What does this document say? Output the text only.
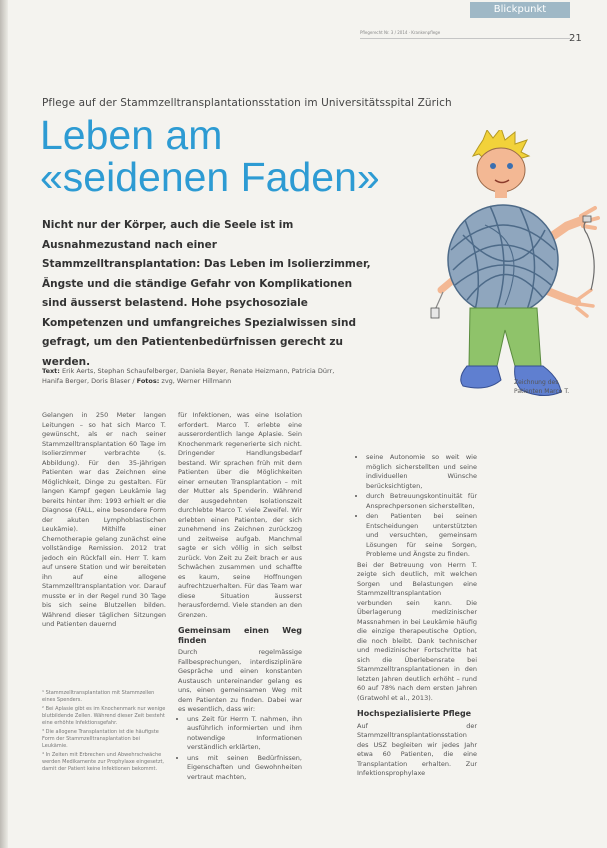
Blickpunkt
Pflegerecht Nr. 3 / 2014 · Krankenpflege
21
Pflege auf der Stammzelltransplantationsstation im Universitätsspital Zürich
Leben am
«seidenen Faden»
Nicht nur der Körper, auch die Seele ist im Ausnahmezustand nach einer Stammzelltransplantation: Das Leben im Isolierzimmer, Ängste und die ständige Gefahr von Komplikationen sind äusserst belastend. Hohe psychosoziale Kompetenzen und umfangreiches Spezialwissen sind gefragt, um den Patientenbedürfnissen gerecht zu werden.
Text: Erik Aerts, Stephan Schaufelberger, Daniela Beyer, Renate Heizmann, Patricia Dürr, Hanifa Berger, Doris Blaser / Fotos: zvg, Werner Hillmann	Zeichnung des Patienten Marco T.

Gelangen in 250 Meter langen Leitungen – so hat sich Marco T. gewünscht, als er nach seiner Stammzelltransplantation 60 Tage im Isolierzimmer verbrachte (s. Abbildung). Für den 35-jährigen Patienten war das Zeichnen eine Möglichkeit, Dinge zu gestalten. Für langen Kampf gegen Leukämie lag bereits hinter ihm: 1993 erhielt er die Diagnose (FALL, eine besondere Form der akuten Lymphoblastischen Leukämie). Mithilfe einer Chemotherapie gelang zunächst eine vollständige Remission. 2012 trat jedoch ein Rückfall ein. Herr T. kam auf unsere Station und wir bereiteten ihn auf eine allogene Stammzelltransplantation vor. Darauf musste er in der Regel rund 30 Tage bis sich seine Blutzellen bilden. Während dieser täglichen Sitzungen und Patienten dauernd

für Infektionen, was eine Isolation erfordert. Marco T. erlebte eine ausserordentlich lange Aplasie. Sein Knochenmark regenerierte sich nicht. Dringender Handlungsbedarf bestand. Wir sprachen früh mit dem Patienten über die Möglichkeiten einer erneuten Transplantation – mit der Mutter als Spenderin. Während der ausgedehnten Isolationszeit durchlebte Marco T. viele Zweifel. Wir erlebten einen Patienten, der sich zunehmend ins Zeichnen zurückzog und zeitweise aufgab. Manchmal sagte er sich völlig in sich selbst zurück. Von Zeit zu Zeit brach er aus Schwächen zusammen und schaffte es kaum, seine Hoffnungen aufrechtzuerhalten. Für das Team war diese Situation äusserst herausfordernd. Viele standen an den Grenzen.

Gemeinsam einen Weg finden

Durch regelmässige Fallbesprechungen, interdisziplinäre Gespräche und einen konstanten Austausch untereinander gelang es uns, einen gemeinsamen Weg mit dem Patienten zu finden. Dabei war es wesentlich, dass wir:

• uns Zeit für Herrn T. nahmen, ihn ausführlich informierten und ihm notwendige Informationen verständlich erklärten,
• uns mit seinen Bedürfnissen, Eigenschaften und Gewohnheiten vertraut machten,
• seine Autonomie so weit wie möglich sicherstellten und seine individuellen Wünsche berücksichtigten,
• durch Betreuungskontinuität für Ansprechpersonen sicherstellten,
• den Patienten bei seinen Entscheidungen unterstützten und versuchten, gemeinsam Lösungen für seine Sorgen, Probleme und Ängste zu finden.

Bei der Betreuung von Herrn T. zeigte sich deutlich, mit welchen Sorgen und Belastungen eine Stammzelltransplantation verbunden sein kann. Die Überlagerung medizinischer Massnahmen in bei Leukämie häufig die einzige therapeutische Option, die noch bleibt. Dank technischer und medizinischer Fortschritte hat sich die Überlebensrate bei Stammzelltransplantationen in den letzten Jahren deutlich erhöht – rund 60 auf 78% nach dem ersten Jahren (Gratwohl et al., 2013).

Hochspezialisierte Pflege

Auf der Stammzelltransplantationsstation des USZ begleiten wir jedes Jahr etwa 60 Patienten, die eine Transplantation erhalten. Zur Infektionsprophylaxe

¹ Stammzelltransplantation mit Stammzellen eines Spenders.

² Bei Aplasie gibt es im Knochenmark nur wenige blutbildende Zellen. Während dieser Zeit besteht eine erhöhte Infektionsgefahr.

³ Die allogene Transplantation ist die häufigste Form der Stammzelltransplantation bei Leukämie.

⁴ In Zeiten mit Erbrechen und Abwehrschwäche werden Medikamente zur Prophylaxe eingesetzt, damit der Patient keine Infektionen bekommt.
